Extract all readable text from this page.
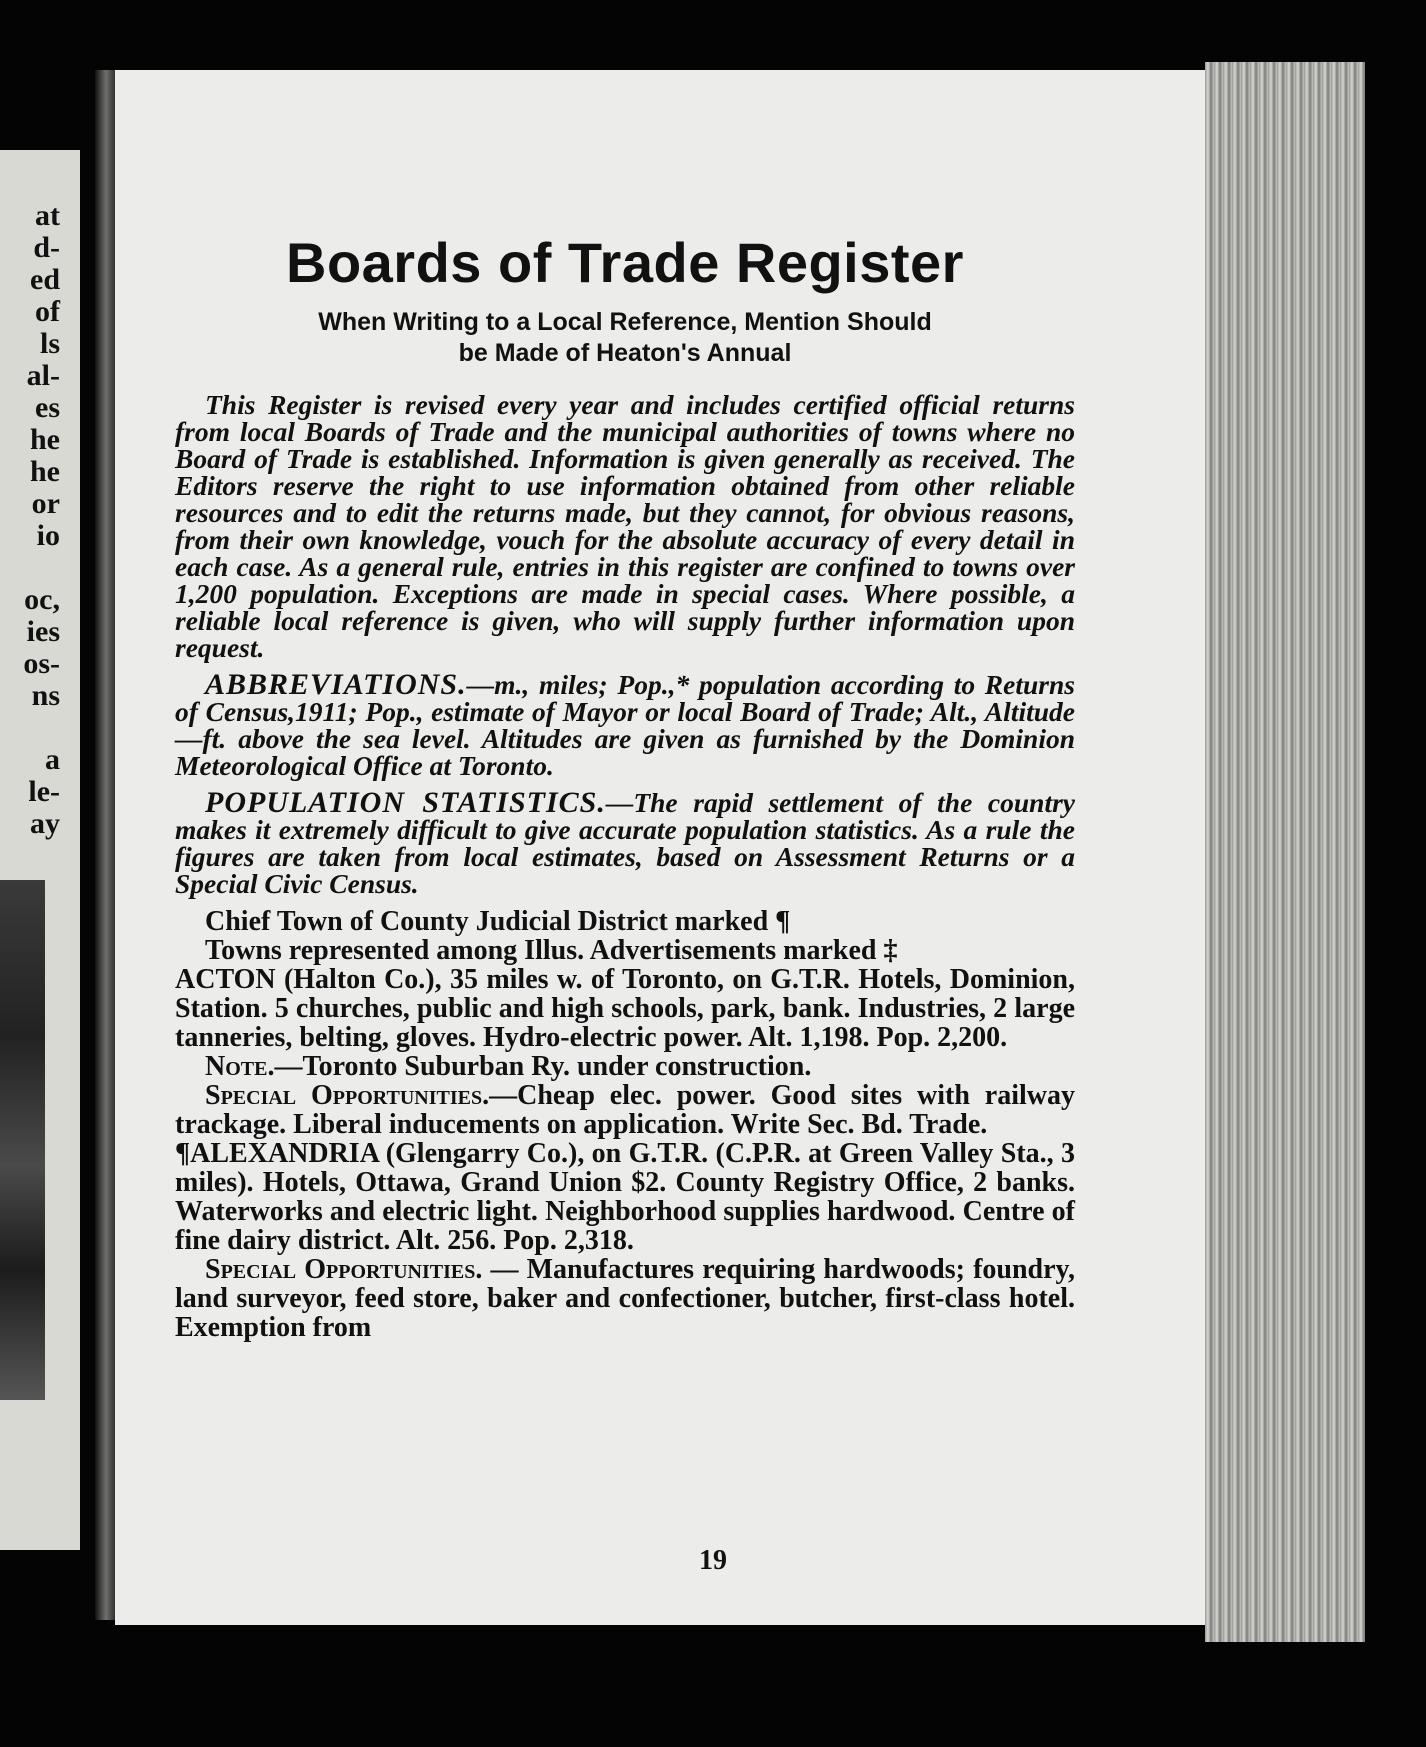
at
d-
ed
of
ls
al-
es
he
he
or
io
oc,
ies
os-
ns
a
le-
ay
Boards of Trade Register
When Writing to a Local Reference, Mention Should
be Made of Heaton's Annual

This Register is revised every year and includes certified official returns from local Boards of Trade and the municipal authorities of towns where no Board of Trade is established. Information is given generally as received. The Editors reserve the right to use information obtained from other reliable resources and to edit the returns made, but they cannot, for obvious reasons, from their own knowledge, vouch for the absolute accuracy of every detail in each case. As a general rule, entries in this register are confined to towns over 1,200 population. Exceptions are made in special cases. Where possible, a reliable local reference is given, who will supply further information upon request.

ABBREVIATIONS.—m., miles; Pop.,* population according to Returns of Census,1911; Pop., estimate of Mayor or local Board of Trade; Alt., Altitude—ft. above the sea level. Altitudes are given as furnished by the Dominion Meteorological Office at Toronto.

POPULATION STATISTICS.—The rapid settlement of the country makes it extremely difficult to give accurate population statistics. As a rule the figures are taken from local estimates, based on Assessment Returns or a Special Civic Census.

Chief Town of County Judicial District marked ¶

Towns represented among Illus. Advertisements marked ‡

ACTON (Halton Co.), 35 miles w. of Toronto, on G.T.R. Hotels, Dominion, Station. 5 churches, public and high schools, park, bank. Industries, 2 large tanneries, belting, gloves. Hydro-electric power. Alt. 1,198. Pop. 2,200.

Note.—Toronto Suburban Ry. under construction.

Special Opportunities.—Cheap elec. power. Good sites with railway trackage. Liberal inducements on application. Write Sec. Bd. Trade.

¶ALEXANDRIA (Glengarry Co.), on G.T.R. (C.P.R. at Green Valley Sta., 3 miles). Hotels, Ottawa, Grand Union $2. County Registry Office, 2 banks. Waterworks and electric light. Neighborhood supplies hardwood. Centre of fine dairy district. Alt. 256. Pop. 2,318.

Special Opportunities. — Manufactures requiring hardwoods; foundry, land surveyor, feed store, baker and confectioner, butcher, first-class hotel. Exemption from

19
